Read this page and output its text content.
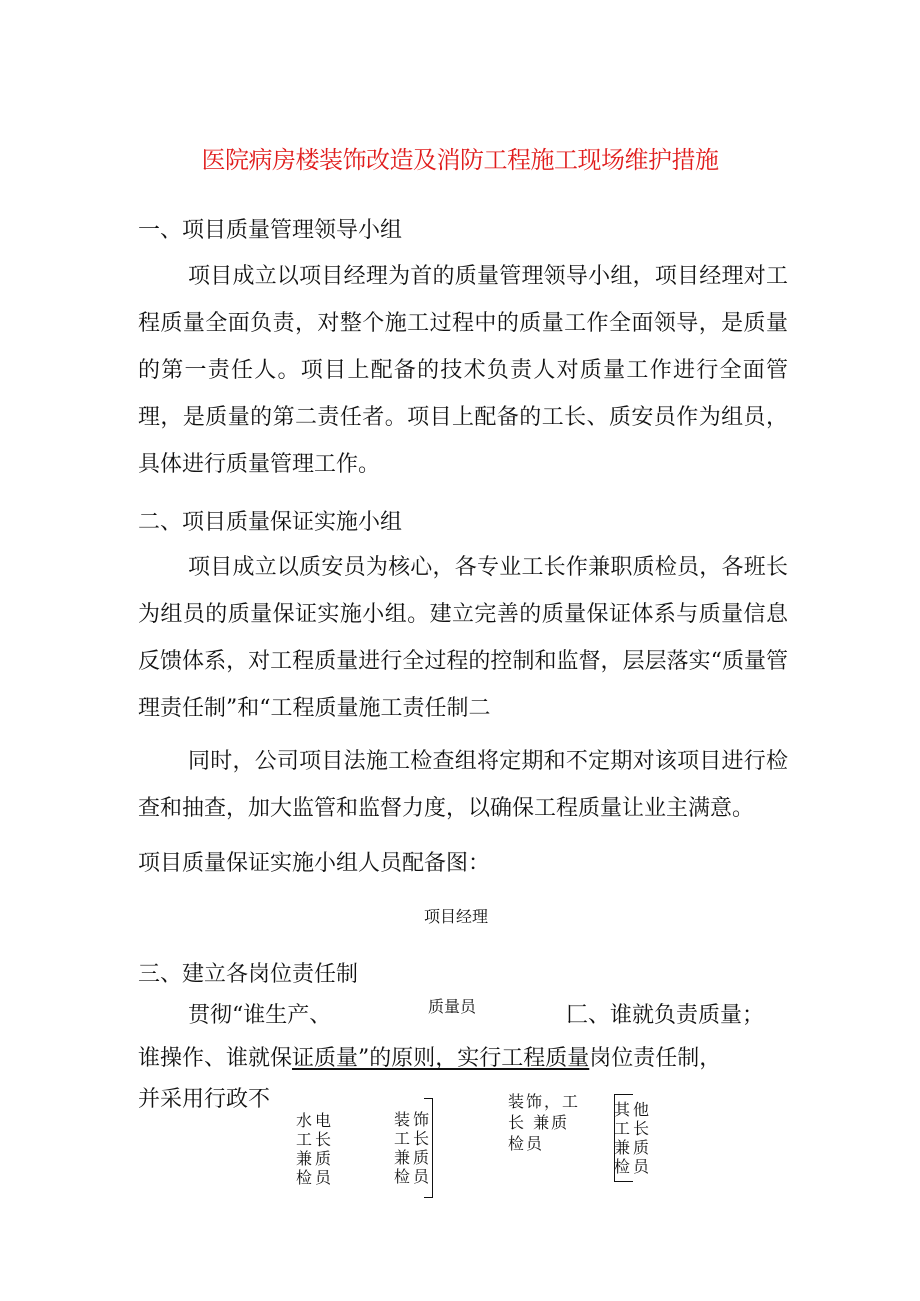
医院病房楼装饰改造及消防工程施工现场维护措施
一、项目质量管理领导小组

项目成立以项目经理为首的质量管理领导小组，项目经理对工程质量全面负责，对整个施工过程中的质量工作全面领导，是质量的第一责任人。项目上配备的技术负责人对质量工作进行全面管理，是质量的第二责任者。项目上配备的工长、质安员作为组员，具体进行质量管理工作。

二、项目质量保证实施小组

项目成立以质安员为核心，各专业工长作兼职质检员，各班长为组员的质量保证实施小组。建立完善的质量保证体系与质量信息反馈体系，对工程质量进行全过程的控制和监督，层层落实“质量管理责任制”和“工程质量施工责任制二

同时，公司项目法施工检查组将定期和不定期对该项目进行检查和抽查，加大监管和监督力度，以确保工程质量让业主满意。

项目质量保证实施小组人员配备图：
项目经理
三、建立各岗位责任制
贯彻“谁生产、	质量员	匚、谁就负责质量；
谁操作、谁就保证质量”的原则，实行工程质量岗位责任制，
并采用行政不
水电工长兼质检员
装饰工长兼质检员
装饰，工长 兼质检员
其工兼检
他长质员
